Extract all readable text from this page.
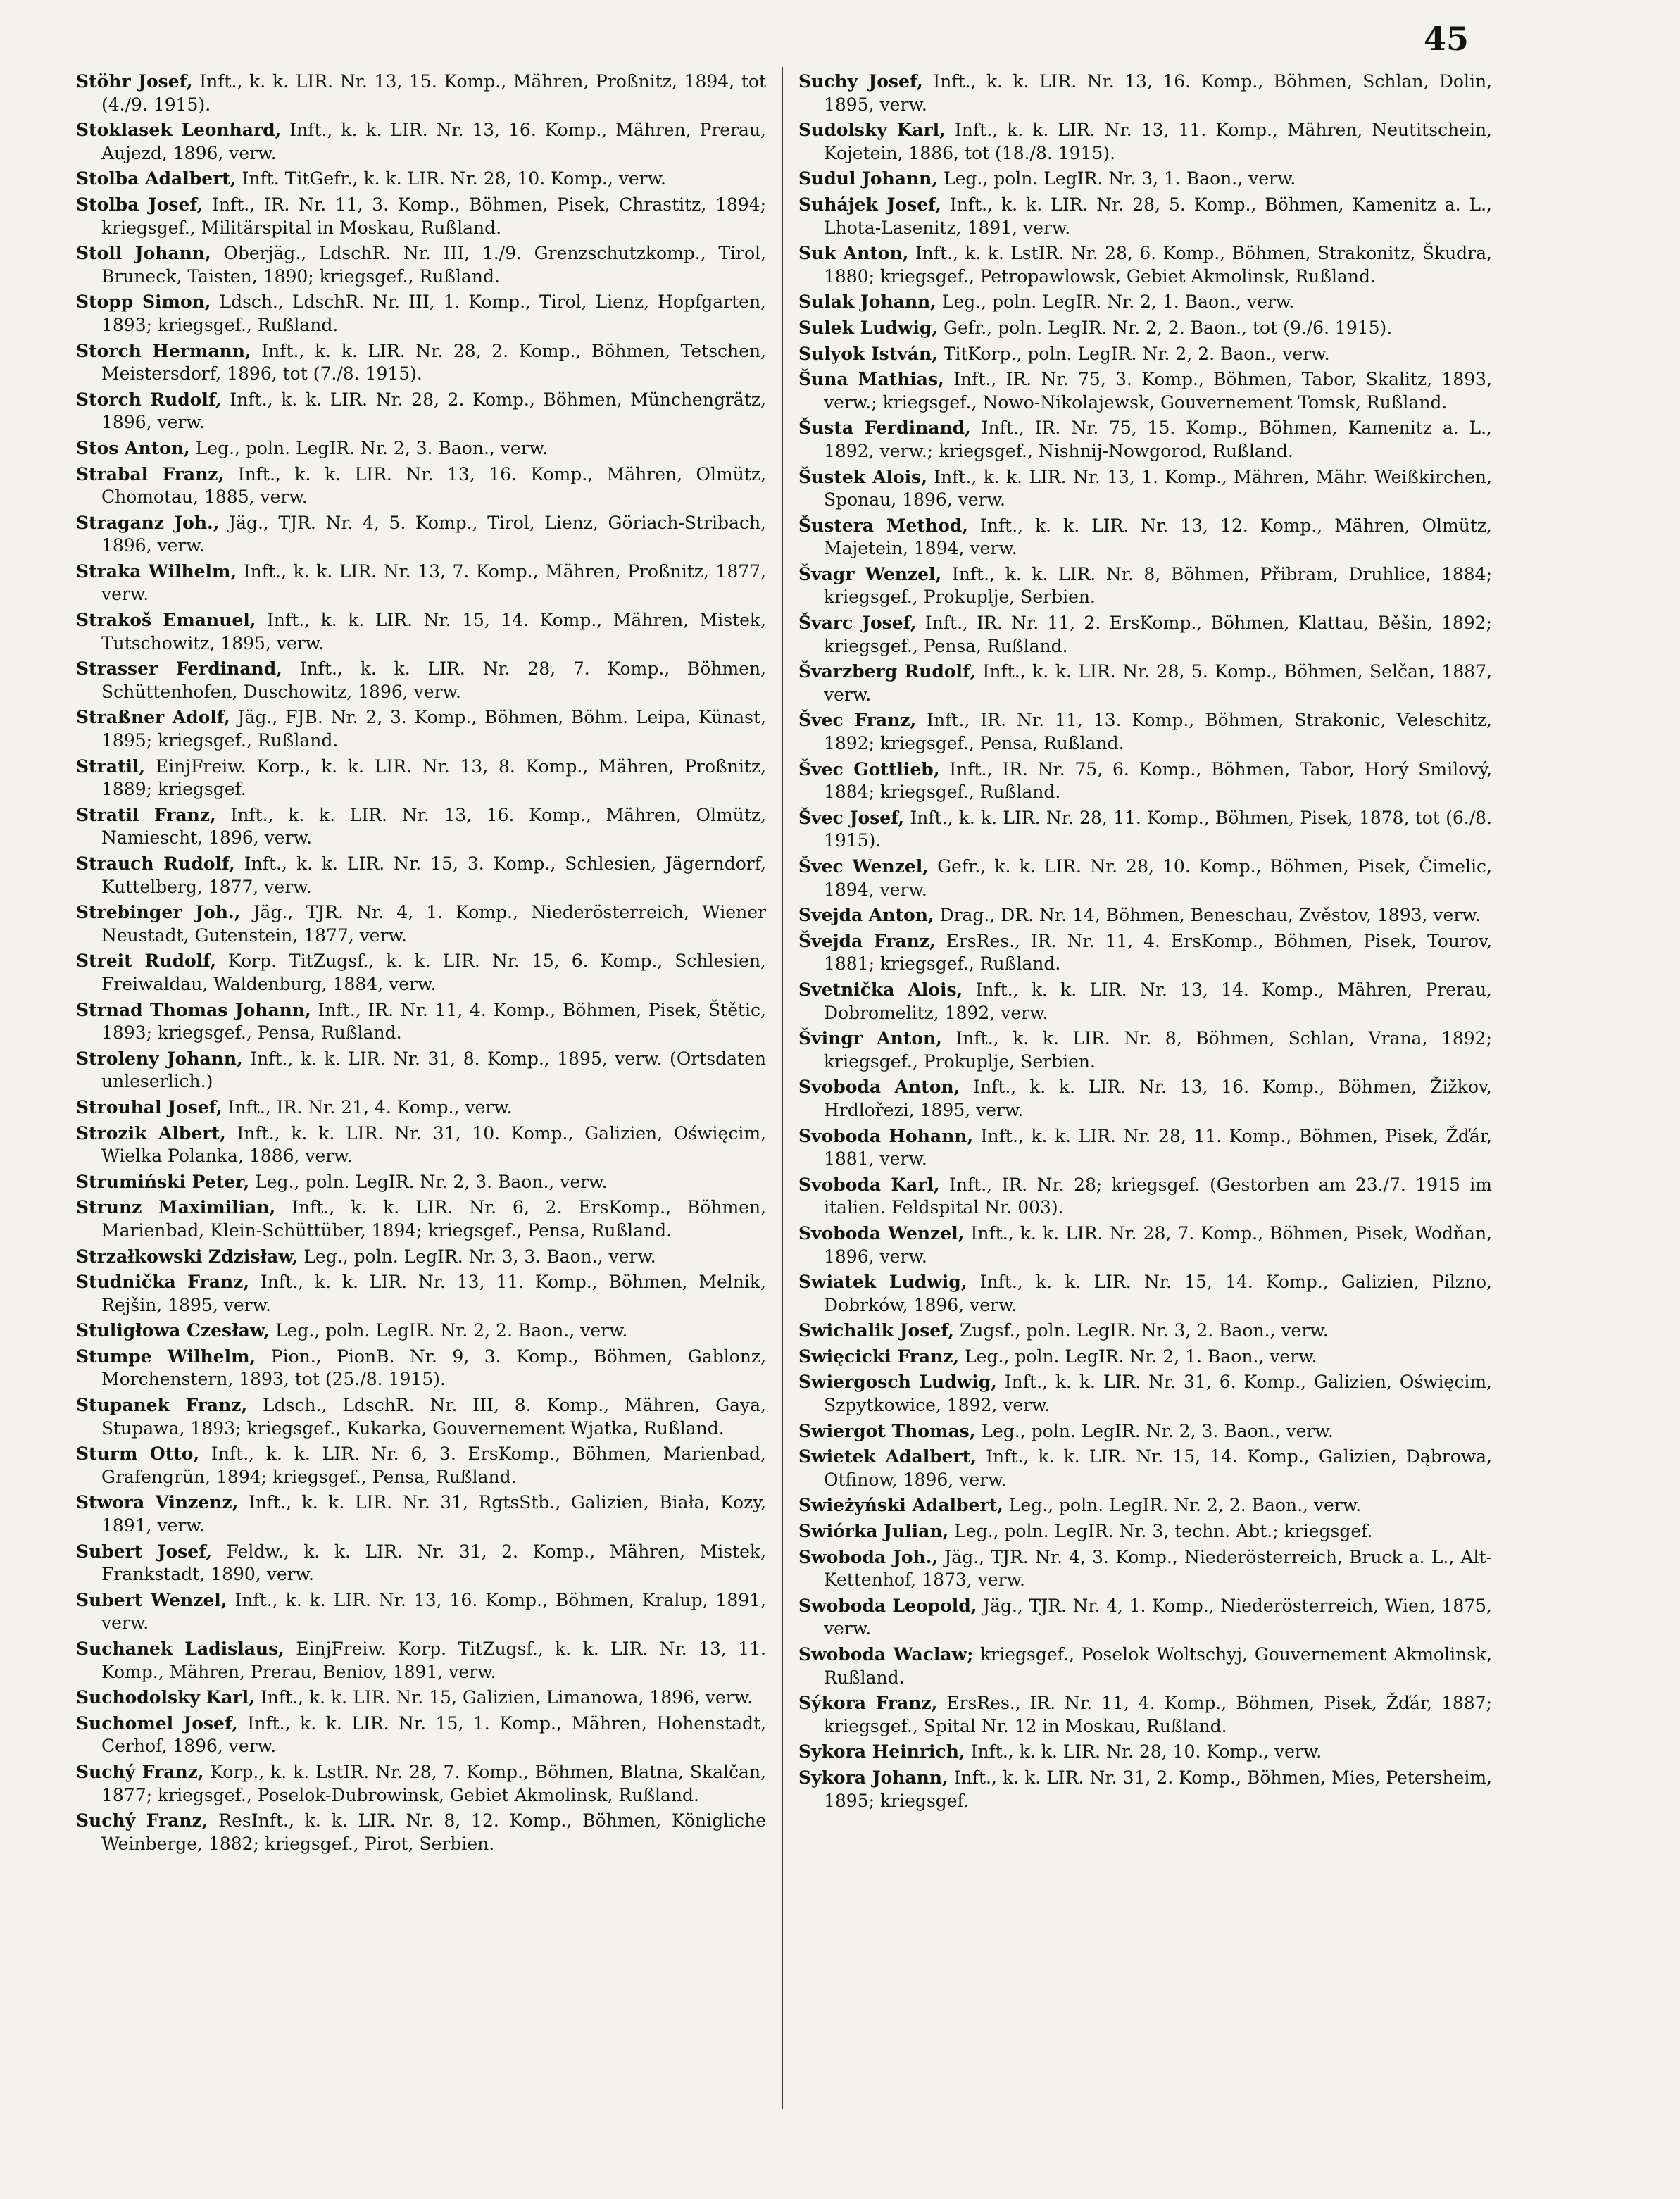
45

Stöhr Josef, Inft., k. k. LIR. Nr. 13, 15. Komp., Mähren, Proßnitz, 1894, tot (4./9. 1915).

Stoklasek Leonhard, Inft., k. k. LIR. Nr. 13, 16. Komp., Mähren, Prerau, Aujezd, 1896, verw.

Stolba Adalbert, Inft. TitGefr., k. k. LIR. Nr. 28, 10. Komp., verw.

Stolba Josef, Inft., IR. Nr. 11, 3. Komp., Böhmen, Pisek, Chrastitz, 1894; kriegsgef., Militärspital in Moskau, Rußland.

Stoll Johann, Oberjäg., LdschR. Nr. III, 1./9. Grenzschutzkomp., Tirol, Bruneck, Taisten, 1890; kriegsgef., Rußland.

Stopp Simon, Ldsch., LdschR. Nr. III, 1. Komp., Tirol, Lienz, Hopfgarten, 1893; kriegsgef., Rußland.

Storch Hermann, Inft., k. k. LIR. Nr. 28, 2. Komp., Böhmen, Tetschen, Meistersdorf, 1896, tot (7./8. 1915).

Storch Rudolf, Inft., k. k. LIR. Nr. 28, 2. Komp., Böhmen, Münchengrätz, 1896, verw.

Stos Anton, Leg., poln. LegIR. Nr. 2, 3. Baon., verw.

Strabal Franz, Inft., k. k. LIR. Nr. 13, 16. Komp., Mähren, Olmütz, Chomotau, 1885, verw.

Straganz Joh., Jäg., TJR. Nr. 4, 5. Komp., Tirol, Lienz, Göriach-Stribach, 1896, verw.

Straka Wilhelm, Inft., k. k. LIR. Nr. 13, 7. Komp., Mähren, Proßnitz, 1877, verw.

Strakoš Emanuel, Inft., k. k. LIR. Nr. 15, 14. Komp., Mähren, Mistek, Tutschowitz, 1895, verw.

Strasser Ferdinand, Inft., k. k. LIR. Nr. 28, 7. Komp., Böhmen, Schüttenhofen, Duschowitz, 1896, verw.

Straßner Adolf, Jäg., FJB. Nr. 2, 3. Komp., Böhmen, Böhm. Leipa, Künast, 1895; kriegsgef., Rußland.

Stratil, EinjFreiw. Korp., k. k. LIR. Nr. 13, 8. Komp., Mähren, Proßnitz, 1889; kriegsgef.

Stratil Franz, Inft., k. k. LIR. Nr. 13, 16. Komp., Mähren, Olmütz, Namiescht, 1896, verw.

Strauch Rudolf, Inft., k. k. LIR. Nr. 15, 3. Komp., Schlesien, Jägerndorf, Kuttelberg, 1877, verw.

Strebinger Joh., Jäg., TJR. Nr. 4, 1. Komp., Niederösterreich, Wiener Neustadt, Gutenstein, 1877, verw.

Streit Rudolf, Korp. TitZugsf., k. k. LIR. Nr. 15, 6. Komp., Schlesien, Freiwaldau, Waldenburg, 1884, verw.

Strnad Thomas Johann, Inft., IR. Nr. 11, 4. Komp., Böhmen, Pisek, Štětic, 1893; kriegsgef., Pensa, Rußland.

Stroleny Johann, Inft., k. k. LIR. Nr. 31, 8. Komp., 1895, verw. (Ortsdaten unleserlich.)

Strouhal Josef, Inft., IR. Nr. 21, 4. Komp., verw.

Strozik Albert, Inft., k. k. LIR. Nr. 31, 10. Komp., Galizien, Oświęcim, Wielka Polanka, 1886, verw.

Strumiński Peter, Leg., poln. LegIR. Nr. 2, 3. Baon., verw.

Strunz Maximilian, Inft., k. k. LIR. Nr. 6, 2. ErsKomp., Böhmen, Marienbad, Klein-Schüttüber, 1894; kriegsgef., Pensa, Rußland.

Strzałkowski Zdzisław, Leg., poln. LegIR. Nr. 3, 3. Baon., verw.

Studnička Franz, Inft., k. k. LIR. Nr. 13, 11. Komp., Böhmen, Melnik, Rejšin, 1895, verw.

Stuligłowa Czesław, Leg., poln. LegIR. Nr. 2, 2. Baon., verw.

Stumpe Wilhelm, Pion., PionB. Nr. 9, 3. Komp., Böhmen, Gablonz, Morchenstern, 1893, tot (25./8. 1915).

Stupanek Franz, Ldsch., LdschR. Nr. III, 8. Komp., Mähren, Gaya, Stupawa, 1893; kriegsgef., Kukarka, Gouvernement Wjatka, Rußland.

Sturm Otto, Inft., k. k. LIR. Nr. 6, 3. ErsKomp., Böhmen, Marienbad, Grafengrün, 1894; kriegsgef., Pensa, Rußland.

Stwora Vinzenz, Inft., k. k. LIR. Nr. 31, RgtsStb., Galizien, Biała, Kozy, 1891, verw.

Subert Josef, Feldw., k. k. LIR. Nr. 31, 2. Komp., Mähren, Mistek, Frankstadt, 1890, verw.

Subert Wenzel, Inft., k. k. LIR. Nr. 13, 16. Komp., Böhmen, Kralup, 1891, verw.

Suchanek Ladislaus, EinjFreiw. Korp. TitZugsf., k. k. LIR. Nr. 13, 11. Komp., Mähren, Prerau, Beniov, 1891, verw.

Suchodolsky Karl, Inft., k. k. LIR. Nr. 15, Galizien, Limanowa, 1896, verw.

Suchomel Josef, Inft., k. k. LIR. Nr. 15, 1. Komp., Mähren, Hohenstadt, Cerhof, 1896, verw.

Suchý Franz, Korp., k. k. LstIR. Nr. 28, 7. Komp., Böhmen, Blatna, Skalčan, 1877; kriegsgef., Poselok-Dubrowinsk, Gebiet Akmolinsk, Rußland.

Suchý Franz, ResInft., k. k. LIR. Nr. 8, 12. Komp., Böhmen, Königliche Weinberge, 1882; kriegsgef., Pirot, Serbien.

Suchy Josef, Inft., k. k. LIR. Nr. 13, 16. Komp., Böhmen, Schlan, Dolin, 1895, verw.

Sudolsky Karl, Inft., k. k. LIR. Nr. 13, 11. Komp., Mähren, Neutitschein, Kojetein, 1886, tot (18./8. 1915).

Sudul Johann, Leg., poln. LegIR. Nr. 3, 1. Baon., verw.

Suhájek Josef, Inft., k. k. LIR. Nr. 28, 5. Komp., Böhmen, Kamenitz a. L., Lhota-Lasenitz, 1891, verw.

Suk Anton, Inft., k. k. LstIR. Nr. 28, 6. Komp., Böhmen, Strakonitz, Škudra, 1880; kriegsgef., Petropawlowsk, Gebiet Akmolinsk, Rußland.

Sulak Johann, Leg., poln. LegIR. Nr. 2, 1. Baon., verw.

Sulek Ludwig, Gefr., poln. LegIR. Nr. 2, 2. Baon., tot (9./6. 1915).

Sulyok István, TitKorp., poln. LegIR. Nr. 2, 2. Baon., verw.

Šuna Mathias, Inft., IR. Nr. 75, 3. Komp., Böhmen, Tabor, Skalitz, 1893, verw.; kriegsgef., Nowo-Nikolajewsk, Gouvernement Tomsk, Rußland.

Šusta Ferdinand, Inft., IR. Nr. 75, 15. Komp., Böhmen, Kamenitz a. L., 1892, verw.; kriegsgef., Nishnij-Nowgorod, Rußland.

Šustek Alois, Inft., k. k. LIR. Nr. 13, 1. Komp., Mähren, Mähr. Weißkirchen, Sponau, 1896, verw.

Šustera Method, Inft., k. k. LIR. Nr. 13, 12. Komp., Mähren, Olmütz, Majetein, 1894, verw.

Švagr Wenzel, Inft., k. k. LIR. Nr. 8, Böhmen, Přibram, Druhlice, 1884; kriegsgef., Prokuplje, Serbien.

Švarc Josef, Inft., IR. Nr. 11, 2. ErsKomp., Böhmen, Klattau, Běšin, 1892; kriegsgef., Pensa, Rußland.

Švarzberg Rudolf, Inft., k. k. LIR. Nr. 28, 5. Komp., Böhmen, Selčan, 1887, verw.

Švec Franz, Inft., IR. Nr. 11, 13. Komp., Böhmen, Strakonic, Veleschitz, 1892; kriegsgef., Pensa, Rußland.

Švec Gottlieb, Inft., IR. Nr. 75, 6. Komp., Böhmen, Tabor, Horý Smilový, 1884; kriegsgef., Rußland.

Švec Josef, Inft., k. k. LIR. Nr. 28, 11. Komp., Böhmen, Pisek, 1878, tot (6./8. 1915).

Švec Wenzel, Gefr., k. k. LIR. Nr. 28, 10. Komp., Böhmen, Pisek, Čimelic, 1894, verw.

Svejda Anton, Drag., DR. Nr. 14, Böhmen, Beneschau, Zvěstov, 1893, verw.

Švejda Franz, ErsRes., IR. Nr. 11, 4. ErsKomp., Böhmen, Pisek, Tourov, 1881; kriegsgef., Rußland.

Svetnička Alois, Inft., k. k. LIR. Nr. 13, 14. Komp., Mähren, Prerau, Dobromelitz, 1892, verw.

Švingr Anton, Inft., k. k. LIR. Nr. 8, Böhmen, Schlan, Vrana, 1892; kriegsgef., Prokuplje, Serbien.

Svoboda Anton, Inft., k. k. LIR. Nr. 13, 16. Komp., Böhmen, Žižkov, Hrdlořezi, 1895, verw.

Svoboda Hohann, Inft., k. k. LIR. Nr. 28, 11. Komp., Böhmen, Pisek, Žďár, 1881, verw.

Svoboda Karl, Inft., IR. Nr. 28; kriegsgef. (Gestorben am 23./7. 1915 im italien. Feldspital Nr. 003).

Svoboda Wenzel, Inft., k. k. LIR. Nr. 28, 7. Komp., Böhmen, Pisek, Wodňan, 1896, verw.

Swiatek Ludwig, Inft., k. k. LIR. Nr. 15, 14. Komp., Galizien, Pilzno, Dobrków, 1896, verw.

Swichalik Josef, Zugsf., poln. LegIR. Nr. 3, 2. Baon., verw.

Swięcicki Franz, Leg., poln. LegIR. Nr. 2, 1. Baon., verw.

Swiergosch Ludwig, Inft., k. k. LIR. Nr. 31, 6. Komp., Galizien, Oświęcim, Szpytkowice, 1892, verw.

Swiergot Thomas, Leg., poln. LegIR. Nr. 2, 3. Baon., verw.

Swietek Adalbert, Inft., k. k. LIR. Nr. 15, 14. Komp., Galizien, Dąbrowa, Otfinow, 1896, verw.

Swieżyński Adalbert, Leg., poln. LegIR. Nr. 2, 2. Baon., verw.

Swiórka Julian, Leg., poln. LegIR. Nr. 3, techn. Abt.; kriegsgef.

Swoboda Joh., Jäg., TJR. Nr. 4, 3. Komp., Niederösterreich, Bruck a. L., Alt-Kettenhof, 1873, verw.

Swoboda Leopold, Jäg., TJR. Nr. 4, 1. Komp., Niederösterreich, Wien, 1875, verw.

Swoboda Waclaw; kriegsgef., Poselok Woltschyj, Gouvernement Akmolinsk, Rußland.

Sýkora Franz, ErsRes., IR. Nr. 11, 4. Komp., Böhmen, Pisek, Žďár, 1887; kriegsgef., Spital Nr. 12 in Moskau, Rußland.

Sykora Heinrich, Inft., k. k. LIR. Nr. 28, 10. Komp., verw.

Sykora Johann, Inft., k. k. LIR. Nr. 31, 2. Komp., Böhmen, Mies, Petersheim, 1895; kriegsgef.
